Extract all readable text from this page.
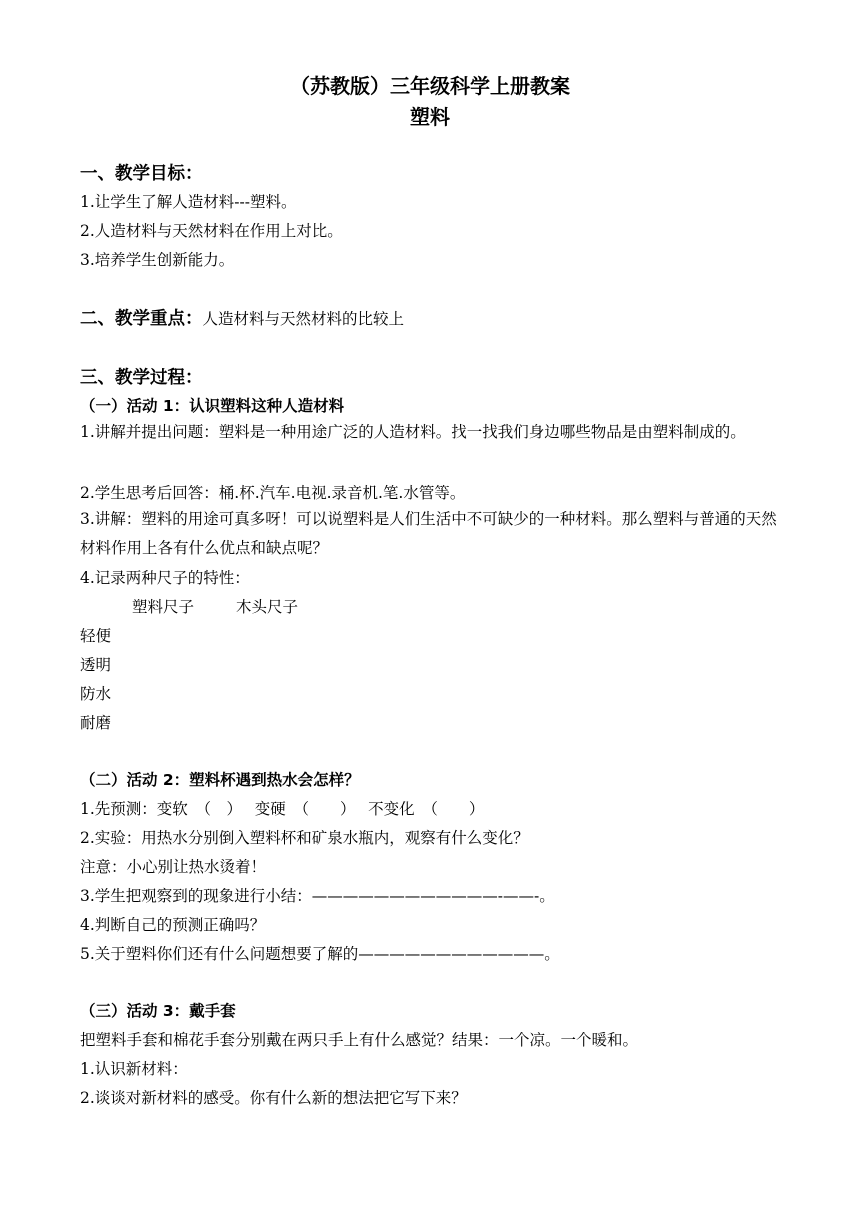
（苏教版）三年级科学上册教案
塑料
一、教学目标：
1.让学生了解人造材料---塑料。
2.人造材料与天然材料在作用上对比。
3.培养学生创新能力。
二、教学重点：人造材料与天然材料的比较上
三、教学过程：
（一）活动 1：认识塑料这种人造材料
1.讲解并提出问题：塑料是一种用途广泛的人造材料。找一找我们身边哪些物品是由塑料制成的。
2.学生思考后回答：桶.杯.汽车.电视.录音机.笔.水管等。
3.讲解：塑料的用途可真多呀！可以说塑料是人们生活中不可缺少的一种材料。那么塑料与普通的天然材料作用上各有什么优点和缺点呢？
4.记录两种尺子的特性：
塑料尺子	木头尺子
轻便
透明
防水
耐磨
（二）活动 2：塑料杯遇到热水会怎样？
1.先预测：变软　（　）　 变硬　（　　）　 不变化　（　　）
2.实验：用热水分别倒入塑料杯和矿泉水瓶内，观察有什么变化？
注意：小心别让热水烫着！
3.学生把观察到的现象进行小结：————————————-——-。
4.判断自己的预测正确吗？
5.关于塑料你们还有什么问题想要了解的————————————。
（三）活动 3：戴手套
把塑料手套和棉花手套分别戴在两只手上有什么感觉？结果：一个凉。一个暖和。
1.认识新材料：
2.谈谈对新材料的感受。你有什么新的想法把它写下来？
